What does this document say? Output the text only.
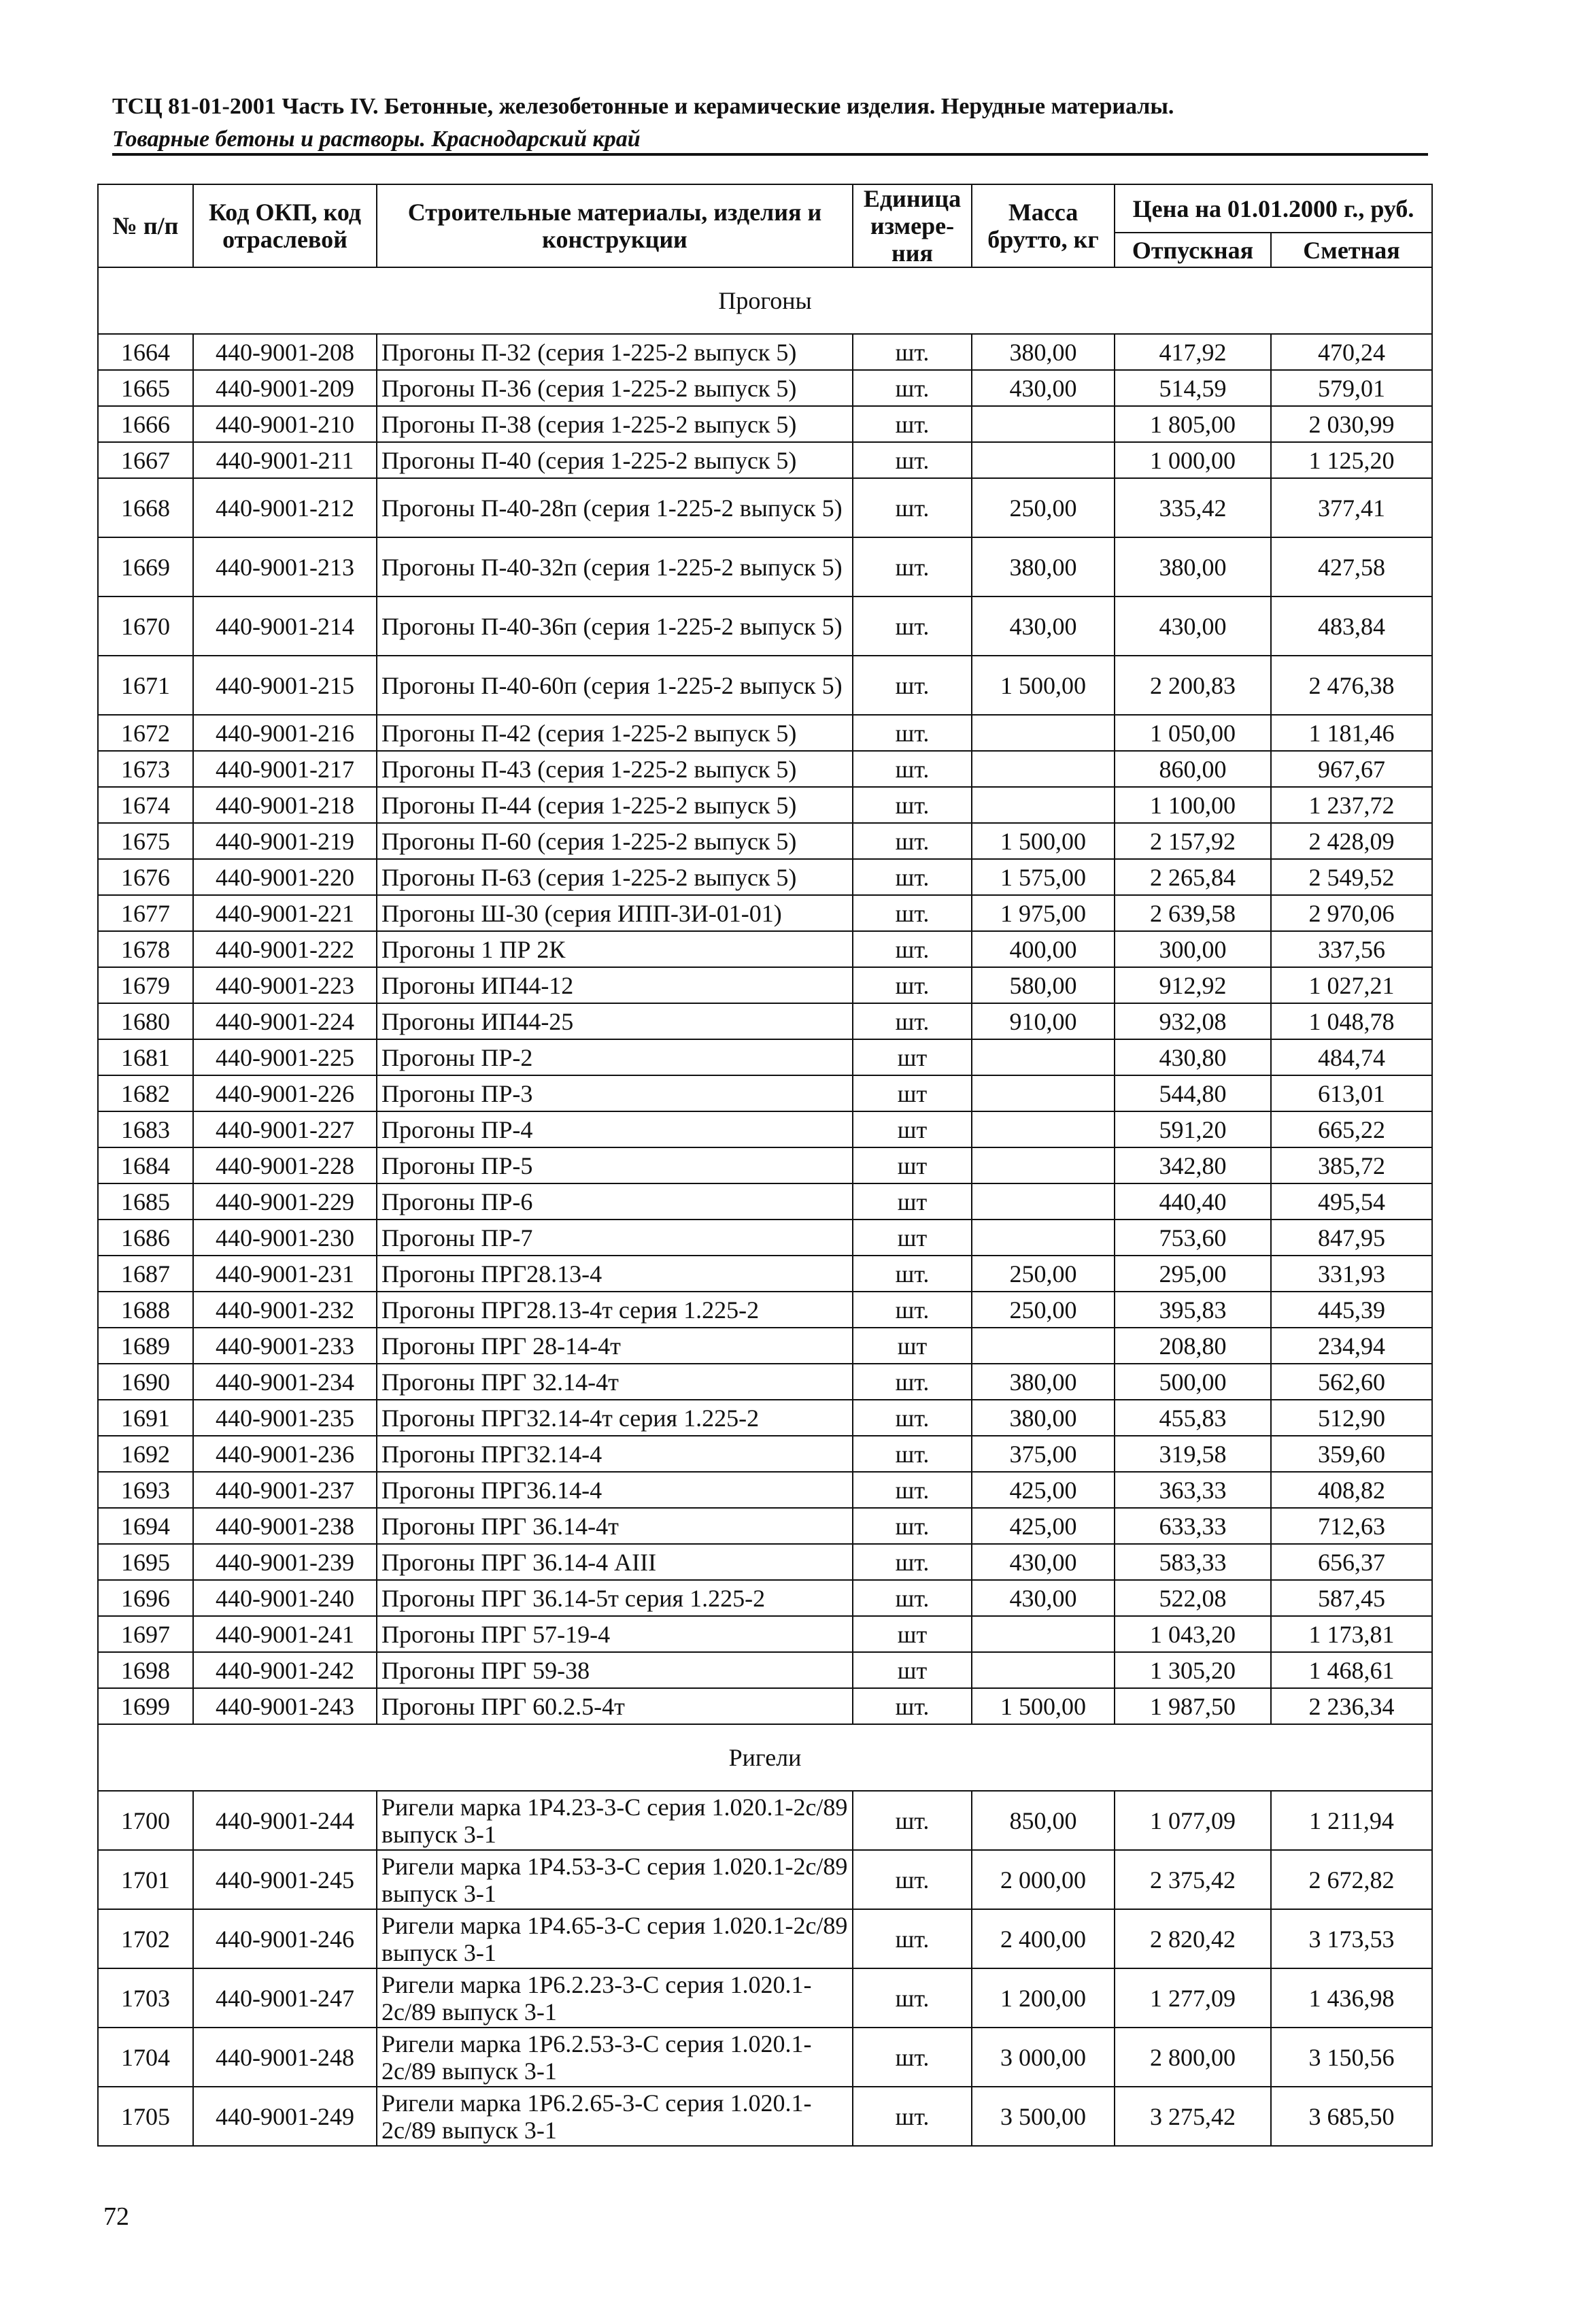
ТСЦ 81-01-2001 Часть IV. Бетонные, железобетонные и керамические изделия. Нерудные материалы.
Товарные бетоны и растворы. Краснодарский край
№ п/п	Код ОКП, код отраслевой	Строительные материалы, изделия и конструкции	Единица измере-ния	Масса брутто, кг	Цена на 01.01.2000 г., руб.	
					Отпускная	Сметная
Прогоны						
1664	440-9001-208	Прогоны П-32 (серия 1-225-2 выпуск 5)	шт.	380,00	417,92	470,24
1665	440-9001-209	Прогоны П-36 (серия 1-225-2 выпуск 5)	шт.	430,00	514,59	579,01
1666	440-9001-210	Прогоны П-38 (серия 1-225-2 выпуск 5)	шт.		1 805,00	2 030,99
1667	440-9001-211	Прогоны П-40 (серия 1-225-2 выпуск 5)	шт.		1 000,00	1 125,20
1668	440-9001-212	Прогоны П-40-28п (серия 1-225-2 выпуск 5)	шт.	250,00	335,42	377,41
1669	440-9001-213	Прогоны П-40-32п (серия 1-225-2 выпуск 5)	шт.	380,00	380,00	427,58
1670	440-9001-214	Прогоны П-40-36п (серия 1-225-2 выпуск 5)	шт.	430,00	430,00	483,84
1671	440-9001-215	Прогоны П-40-60п (серия 1-225-2 выпуск 5)	шт.	1 500,00	2 200,83	2 476,38
1672	440-9001-216	Прогоны П-42 (серия 1-225-2 выпуск 5)	шт.		1 050,00	1 181,46
1673	440-9001-217	Прогоны П-43 (серия 1-225-2 выпуск 5)	шт.		860,00	967,67
1674	440-9001-218	Прогоны П-44 (серия 1-225-2 выпуск 5)	шт.		1 100,00	1 237,72
1675	440-9001-219	Прогоны П-60 (серия 1-225-2 выпуск 5)	шт.	1 500,00	2 157,92	2 428,09
1676	440-9001-220	Прогоны П-63 (серия 1-225-2 выпуск 5)	шт.	1 575,00	2 265,84	2 549,52
1677	440-9001-221	Прогоны Ш-30 (серия ИПП-3И-01-01)	шт.	1 975,00	2 639,58	2 970,06
1678	440-9001-222	Прогоны 1 ПР 2К	шт.	400,00	300,00	337,56
1679	440-9001-223	Прогоны ИП44-12	шт.	580,00	912,92	1 027,21
1680	440-9001-224	Прогоны ИП44-25	шт.	910,00	932,08	1 048,78
1681	440-9001-225	Прогоны ПР-2	шт		430,80	484,74
1682	440-9001-226	Прогоны ПР-3	шт		544,80	613,01
1683	440-9001-227	Прогоны ПР-4	шт		591,20	665,22
1684	440-9001-228	Прогоны ПР-5	шт		342,80	385,72
1685	440-9001-229	Прогоны ПР-6	шт		440,40	495,54
1686	440-9001-230	Прогоны ПР-7	шт		753,60	847,95
1687	440-9001-231	Прогоны ПРГ28.13-4	шт.	250,00	295,00	331,93
1688	440-9001-232	Прогоны ПРГ28.13-4т серия 1.225-2	шт.	250,00	395,83	445,39
1689	440-9001-233	Прогоны ПРГ 28-14-4т	шт		208,80	234,94
1690	440-9001-234	Прогоны ПРГ 32.14-4т	шт.	380,00	500,00	562,60
1691	440-9001-235	Прогоны ПРГ32.14-4т серия 1.225-2	шт.	380,00	455,83	512,90
1692	440-9001-236	Прогоны ПРГ32.14-4	шт.	375,00	319,58	359,60
1693	440-9001-237	Прогоны ПРГ36.14-4	шт.	425,00	363,33	408,82
1694	440-9001-238	Прогоны ПРГ 36.14-4т	шт.	425,00	633,33	712,63
1695	440-9001-239	Прогоны ПРГ 36.14-4 АIII	шт.	430,00	583,33	656,37
1696	440-9001-240	Прогоны ПРГ 36.14-5т серия 1.225-2	шт.	430,00	522,08	587,45
1697	440-9001-241	Прогоны ПРГ 57-19-4	шт		1 043,20	1 173,81
1698	440-9001-242	Прогоны ПРГ 59-38	шт		1 305,20	1 468,61
1699	440-9001-243	Прогоны ПРГ 60.2.5-4т	шт.	1 500,00	1 987,50	2 236,34
Ригели						
1700	440-9001-244	Ригели марка 1Р4.23-3-С серия 1.020.1-2с/89 выпуск 3-1	шт.	850,00	1 077,09	1 211,94
1701	440-9001-245	Ригели марка 1Р4.53-3-С серия 1.020.1-2с/89 выпуск 3-1	шт.	2 000,00	2 375,42	2 672,82
1702	440-9001-246	Ригели марка 1Р4.65-3-С серия 1.020.1-2с/89 выпуск 3-1	шт.	2 400,00	2 820,42	3 173,53
1703	440-9001-247	Ригели марка 1Р6.2.23-3-С серия 1.020.1-2с/89 выпуск 3-1	шт.	1 200,00	1 277,09	1 436,98
1704	440-9001-248	Ригели марка 1Р6.2.53-3-С серия 1.020.1-2с/89 выпуск 3-1	шт.	3 000,00	2 800,00	3 150,56
1705	440-9001-249	Ригели марка 1Р6.2.65-3-С серия 1.020.1-2с/89 выпуск 3-1	шт.	3 500,00	3 275,42	3 685,50
72
